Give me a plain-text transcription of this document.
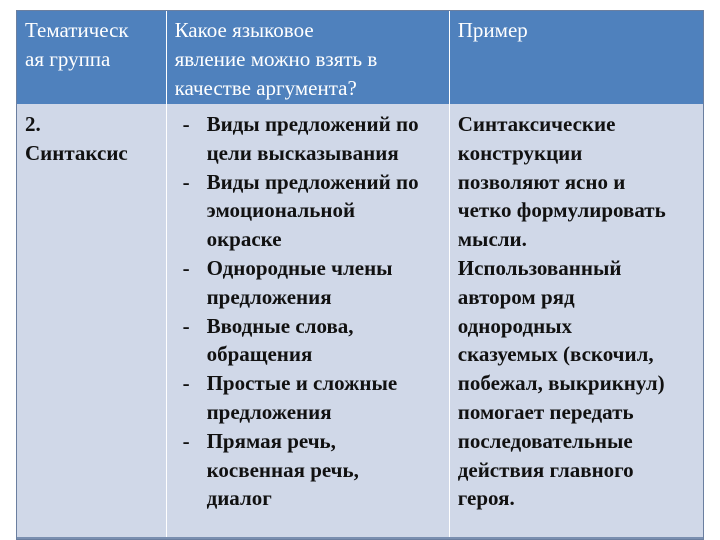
Тематическ
ая группа
Какое языковое
явление можно взять в
качестве аргумента?
Пример
2.
Синтаксис
- Виды предложений по
цели высказывания
- Виды предложений по
эмоциональной
окраске
- Однородные члены
предложения
- Вводные слова,
обращения
- Простые и сложные
предложения
- Прямая речь,
косвенная речь,
диалог
Синтаксические
конструкции
позволяют ясно и
четко формулировать
мысли.
Использованный
автором ряд
однородных
сказуемых (вскочил,
побежал, выкрикнул)
помогает передать
последовательные
действия главного
героя.
